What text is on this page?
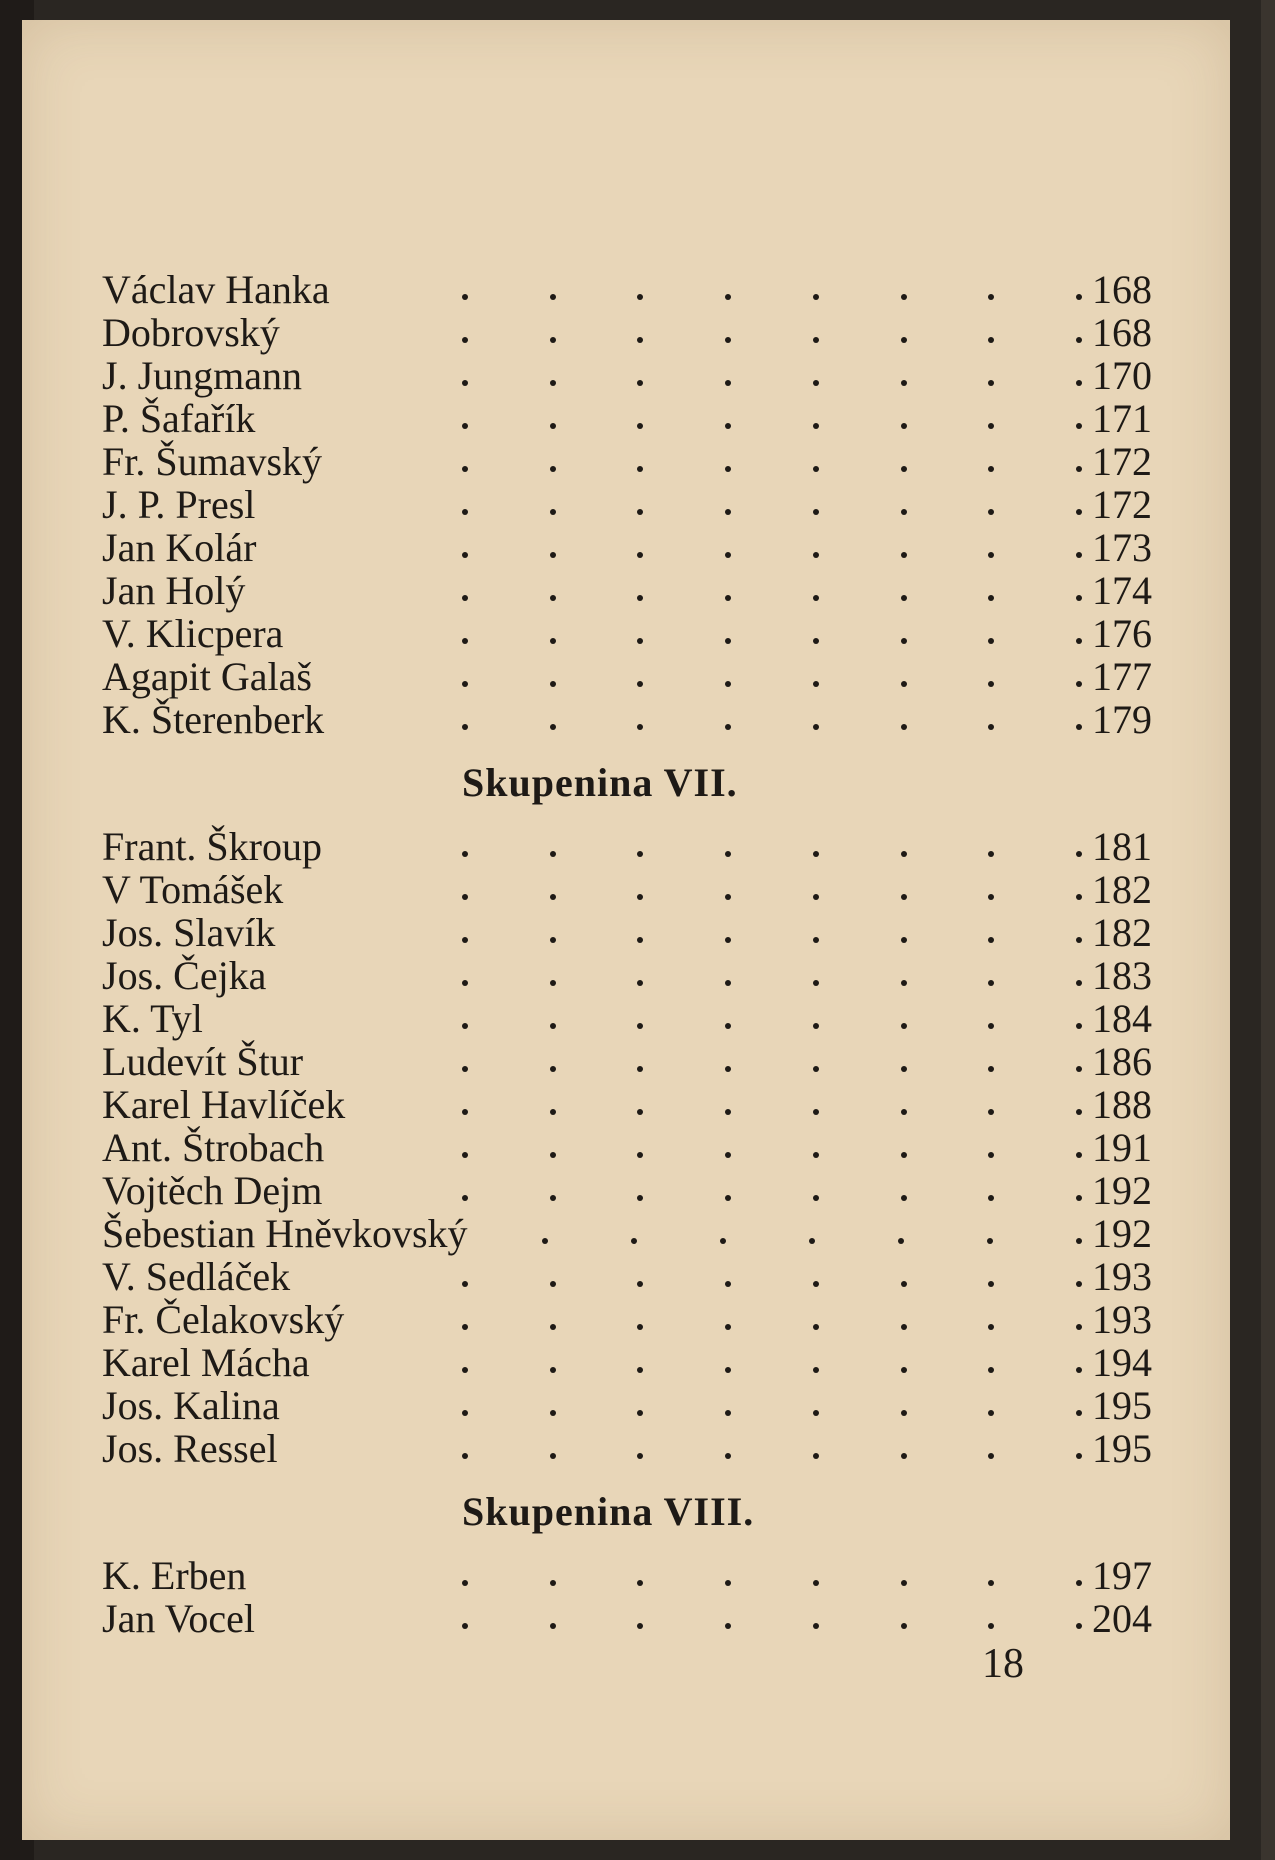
Václav Hanka	168
Dobrovský	168
J. Jungmann	170
P. Šafařík	171
Fr. Šumavský	172
J. P. Presl	172
Jan Kolár	173
Jan Holý	174
V. Klicpera	176
Agapit Galaš	177
K. Šterenberk	179
Skupenina VII.
Frant. Škroup	181
V Tomášek	182
Jos. Slavík	182
Jos. Čejka	183
K. Tyl	184
Ludevít Štur	186
Karel Havlíček	188
Ant. Štrobach	191
Vojtěch Dejm	192
Šebestian Hněvkovský	192
V. Sedláček	193
Fr. Čelakovský	193
Karel Mácha	194
Jos. Kalina	195
Jos. Ressel	195
Skupenina VIII.
K. Erben	197
Jan Vocel	204
18
